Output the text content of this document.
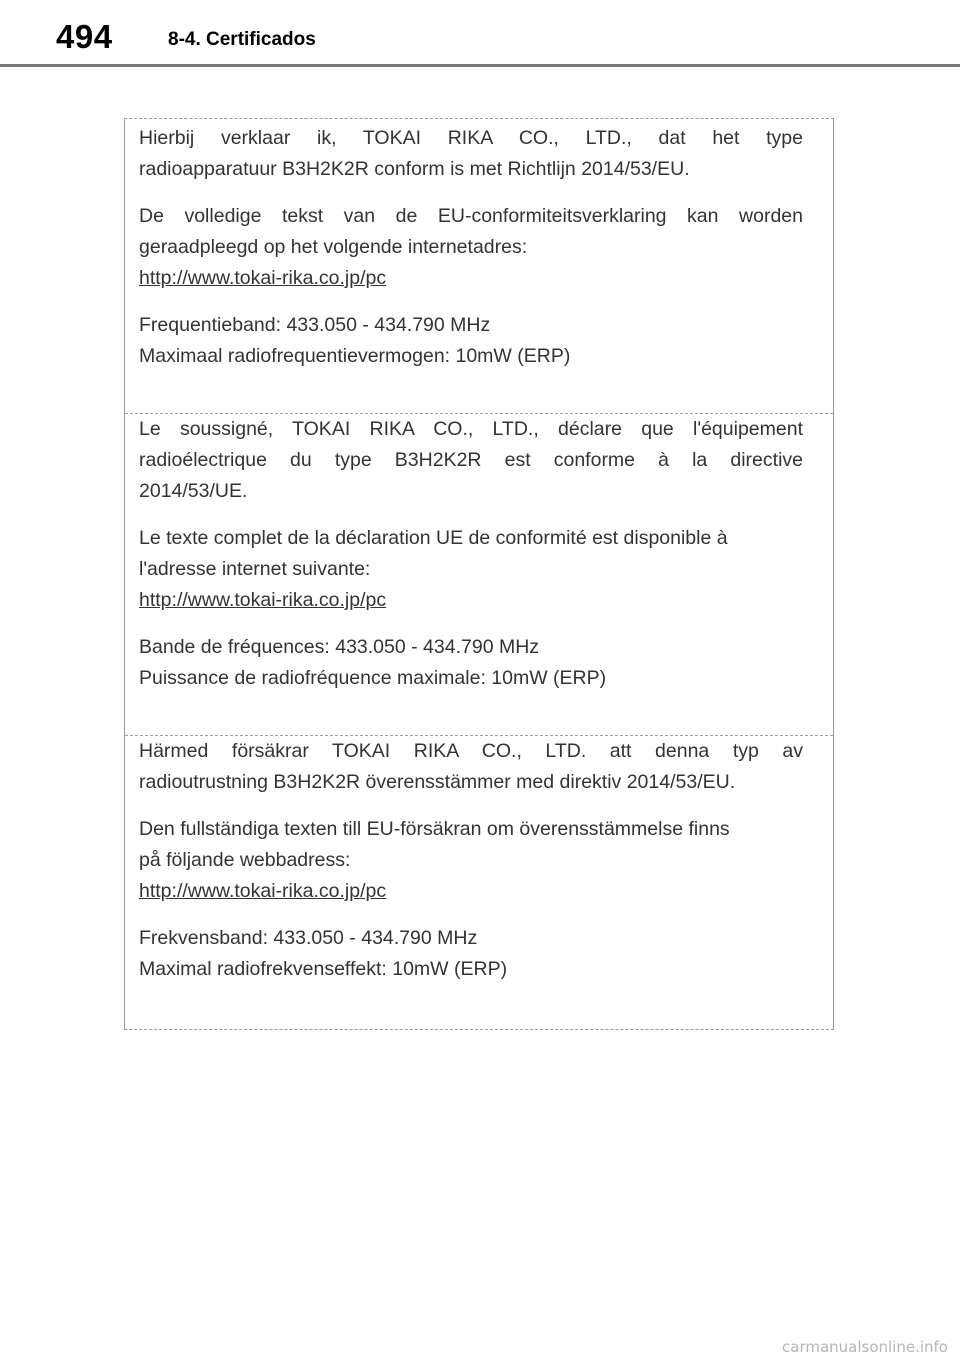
494	8-4. Certificados

Hierbij verklaar ik, TOKAI RIKA CO., LTD., dat het type

radioapparatuur B3H2K2R conform is met Richtlijn 2014/53/EU.

De volledige tekst van de EU-conformiteitsverklaring kan worden

geraadpleegd op het volgende internetadres:

http://www.tokai-rika.co.jp/pc

Frequentieband: 433.050 - 434.790 MHz

Maximaal radiofrequentievermogen: 10mW (ERP)

Le soussigné, TOKAI RIKA CO., LTD., déclare que l'équipement

radioélectrique du type B3H2K2R est conforme à la directive

2014/53/UE.

Le texte complet de la déclaration UE de conformité est disponible à

l'adresse internet suivante:

http://www.tokai-rika.co.jp/pc

Bande de fréquences: 433.050 - 434.790 MHz

Puissance de radiofréquence maximale: 10mW (ERP)

Härmed försäkrar TOKAI RIKA CO., LTD. att denna typ av

radioutrustning B3H2K2R överensstämmer med direktiv 2014/53/EU.

Den fullständiga texten till EU-försäkran om överensstämmelse finns

på följande webbadress:

http://www.tokai-rika.co.jp/pc

Frekvensband: 433.050 - 434.790 MHz

Maximal radiofrekvenseffekt: 10mW (ERP)

carmanualsonline.info
